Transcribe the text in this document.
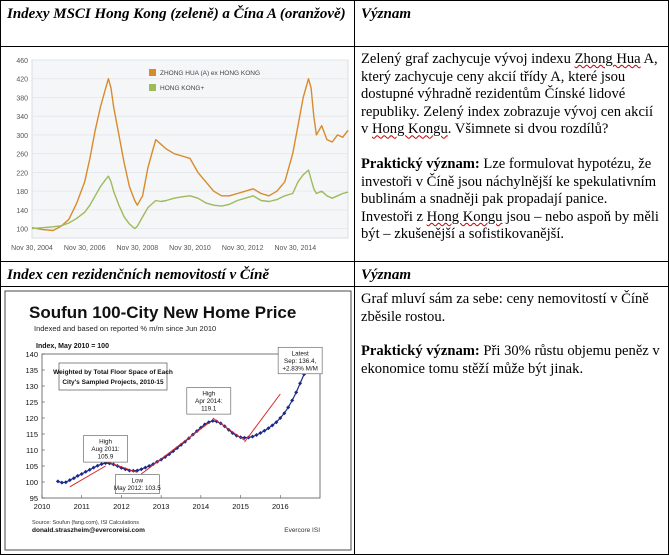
Indexy MSCI Hong Kong (zeleně) a Čína A (oranžově)	Význam
460
420
380
340
300
260
220
180
140
100
Nov 30, 2004 Nov 30, 2006 Nov 30, 2008 Nov 30, 2010 Nov 30, 2012 Nov 30, 2014
ZHONG HUA (A) ex HONG KONG
HONG KONG+

Zelený graf zachycuje vývoj indexu Zhong Hua A, který zachycuje ceny akcií třídy A, které jsou dostupné výhradně rezidentům Čínské lidové republiky. Zelený index zobrazuje vývoj cen akcií v Hong Kongu. Všimnete si dvou rozdílů?

Praktický význam: Lze formulovat hypotézu, že investoři v Číně jsou náchylnější ke spekulativním bublinám a snadněji pak propadají panice. Investoři z Hong Kongu jsou – nebo aspoň by měli být – zkušenější a sofistikovanější.

Index cen rezidenčních nemovitostí v Číně	Význam
Soufun 100-City New Home Price
Indexed and based on reported % m/m since Jun 2010
Index, May 2010 = 100
140
135
130
125
120
115
110
105
100
95
2010	2011	2012	2013	2014	2015	2016
Weighted by Total Floor Space of Each
City's Sampled Projects, 2010-15
High
Aug 2011:
105.9
Low
May 2012: 103.5
High
Apr 2014:
119.1
Latest
Sep: 136.4,
+2.83% M/M
Source: Soufun (fang.com), ISI Calculations
donald.straszheim@evercoreisi.com	Evercore ISI

Graf mluví sám za sebe: ceny nemovitostí v Číně zběsile rostou.

Praktický význam: Při 30% růstu objemu peněz v ekonomice tomu stěží může být jinak.
